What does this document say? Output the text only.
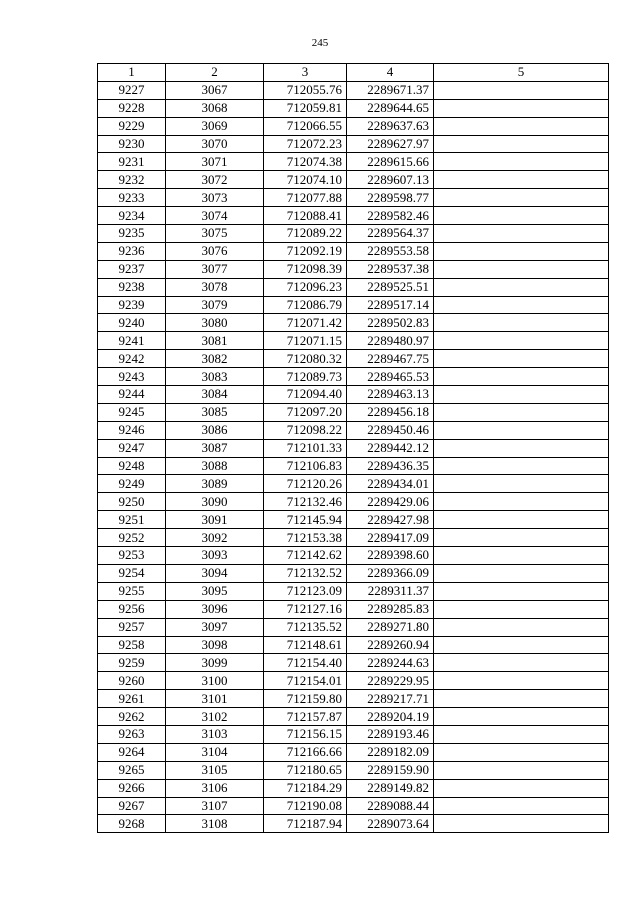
245
1	2	3	4	5
9227	3067	712055.76	2289671.37	
9228	3068	712059.81	2289644.65	
9229	3069	712066.55	2289637.63	
9230	3070	712072.23	2289627.97	
9231	3071	712074.38	2289615.66	
9232	3072	712074.10	2289607.13	
9233	3073	712077.88	2289598.77	
9234	3074	712088.41	2289582.46	
9235	3075	712089.22	2289564.37	
9236	3076	712092.19	2289553.58	
9237	3077	712098.39	2289537.38	
9238	3078	712096.23	2289525.51	
9239	3079	712086.79	2289517.14	
9240	3080	712071.42	2289502.83	
9241	3081	712071.15	2289480.97	
9242	3082	712080.32	2289467.75	
9243	3083	712089.73	2289465.53	
9244	3084	712094.40	2289463.13	
9245	3085	712097.20	2289456.18	
9246	3086	712098.22	2289450.46	
9247	3087	712101.33	2289442.12	
9248	3088	712106.83	2289436.35	
9249	3089	712120.26	2289434.01	
9250	3090	712132.46	2289429.06	
9251	3091	712145.94	2289427.98	
9252	3092	712153.38	2289417.09	
9253	3093	712142.62	2289398.60	
9254	3094	712132.52	2289366.09	
9255	3095	712123.09	2289311.37	
9256	3096	712127.16	2289285.83	
9257	3097	712135.52	2289271.80	
9258	3098	712148.61	2289260.94	
9259	3099	712154.40	2289244.63	
9260	3100	712154.01	2289229.95	
9261	3101	712159.80	2289217.71	
9262	3102	712157.87	2289204.19	
9263	3103	712156.15	2289193.46	
9264	3104	712166.66	2289182.09	
9265	3105	712180.65	2289159.90	
9266	3106	712184.29	2289149.82	
9267	3107	712190.08	2289088.44	
9268	3108	712187.94	2289073.64	
